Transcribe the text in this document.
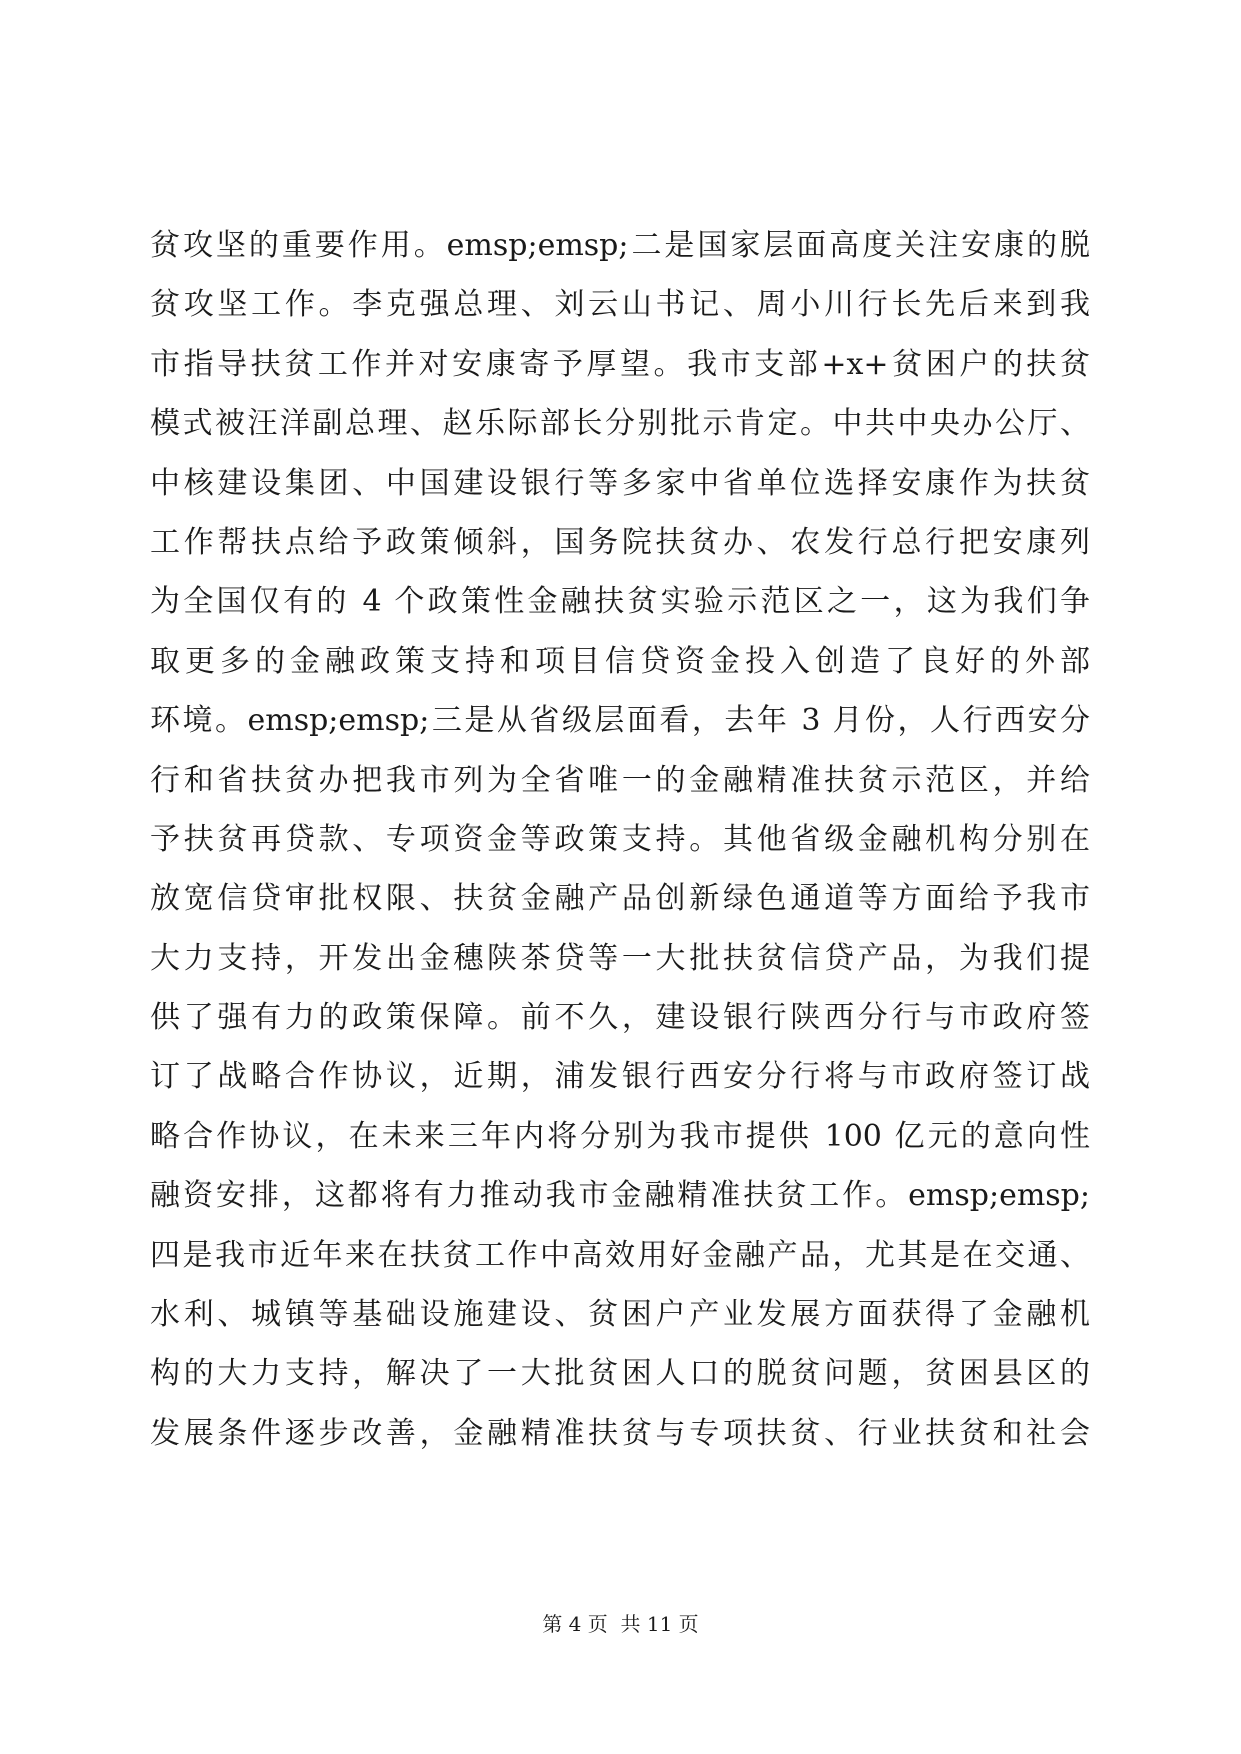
贫攻坚的重要作用。emsp;emsp;二是国家层面高度关注安康的脱
贫攻坚工作。李克强总理、刘云山书记、周小川行长先后来到我
市指导扶贫工作并对安康寄予厚望。我市支部+x+贫困户的扶贫
模式被汪洋副总理、赵乐际部长分别批示肯定。中共中央办公厅、
中核建设集团、中国建设银行等多家中省单位选择安康作为扶贫
工作帮扶点给予政策倾斜，国务院扶贫办、农发行总行把安康列
为全国仅有的 4 个政策性金融扶贫实验示范区之一，这为我们争
取更多的金融政策支持和项目信贷资金投入创造了良好的外部
环境。emsp;emsp;三是从省级层面看，去年 3 月份，人行西安分
行和省扶贫办把我市列为全省唯一的金融精准扶贫示范区，并给
予扶贫再贷款、专项资金等政策支持。其他省级金融机构分别在
放宽信贷审批权限、扶贫金融产品创新绿色通道等方面给予我市
大力支持，开发出金穗陕茶贷等一大批扶贫信贷产品，为我们提
供了强有力的政策保障。前不久，建设银行陕西分行与市政府签
订了战略合作协议，近期，浦发银行西安分行将与市政府签订战
略合作协议，在未来三年内将分别为我市提供 100 亿元的意向性
融资安排，这都将有力推动我市金融精准扶贫工作。emsp;emsp;
四是我市近年来在扶贫工作中高效用好金融产品，尤其是在交通、
水利、城镇等基础设施建设、贫困户产业发展方面获得了金融机
构的大力支持，解决了一大批贫困人口的脱贫问题，贫困县区的
发展条件逐步改善，金融精准扶贫与专项扶贫、行业扶贫和社会
第 4 页  共 11 页
